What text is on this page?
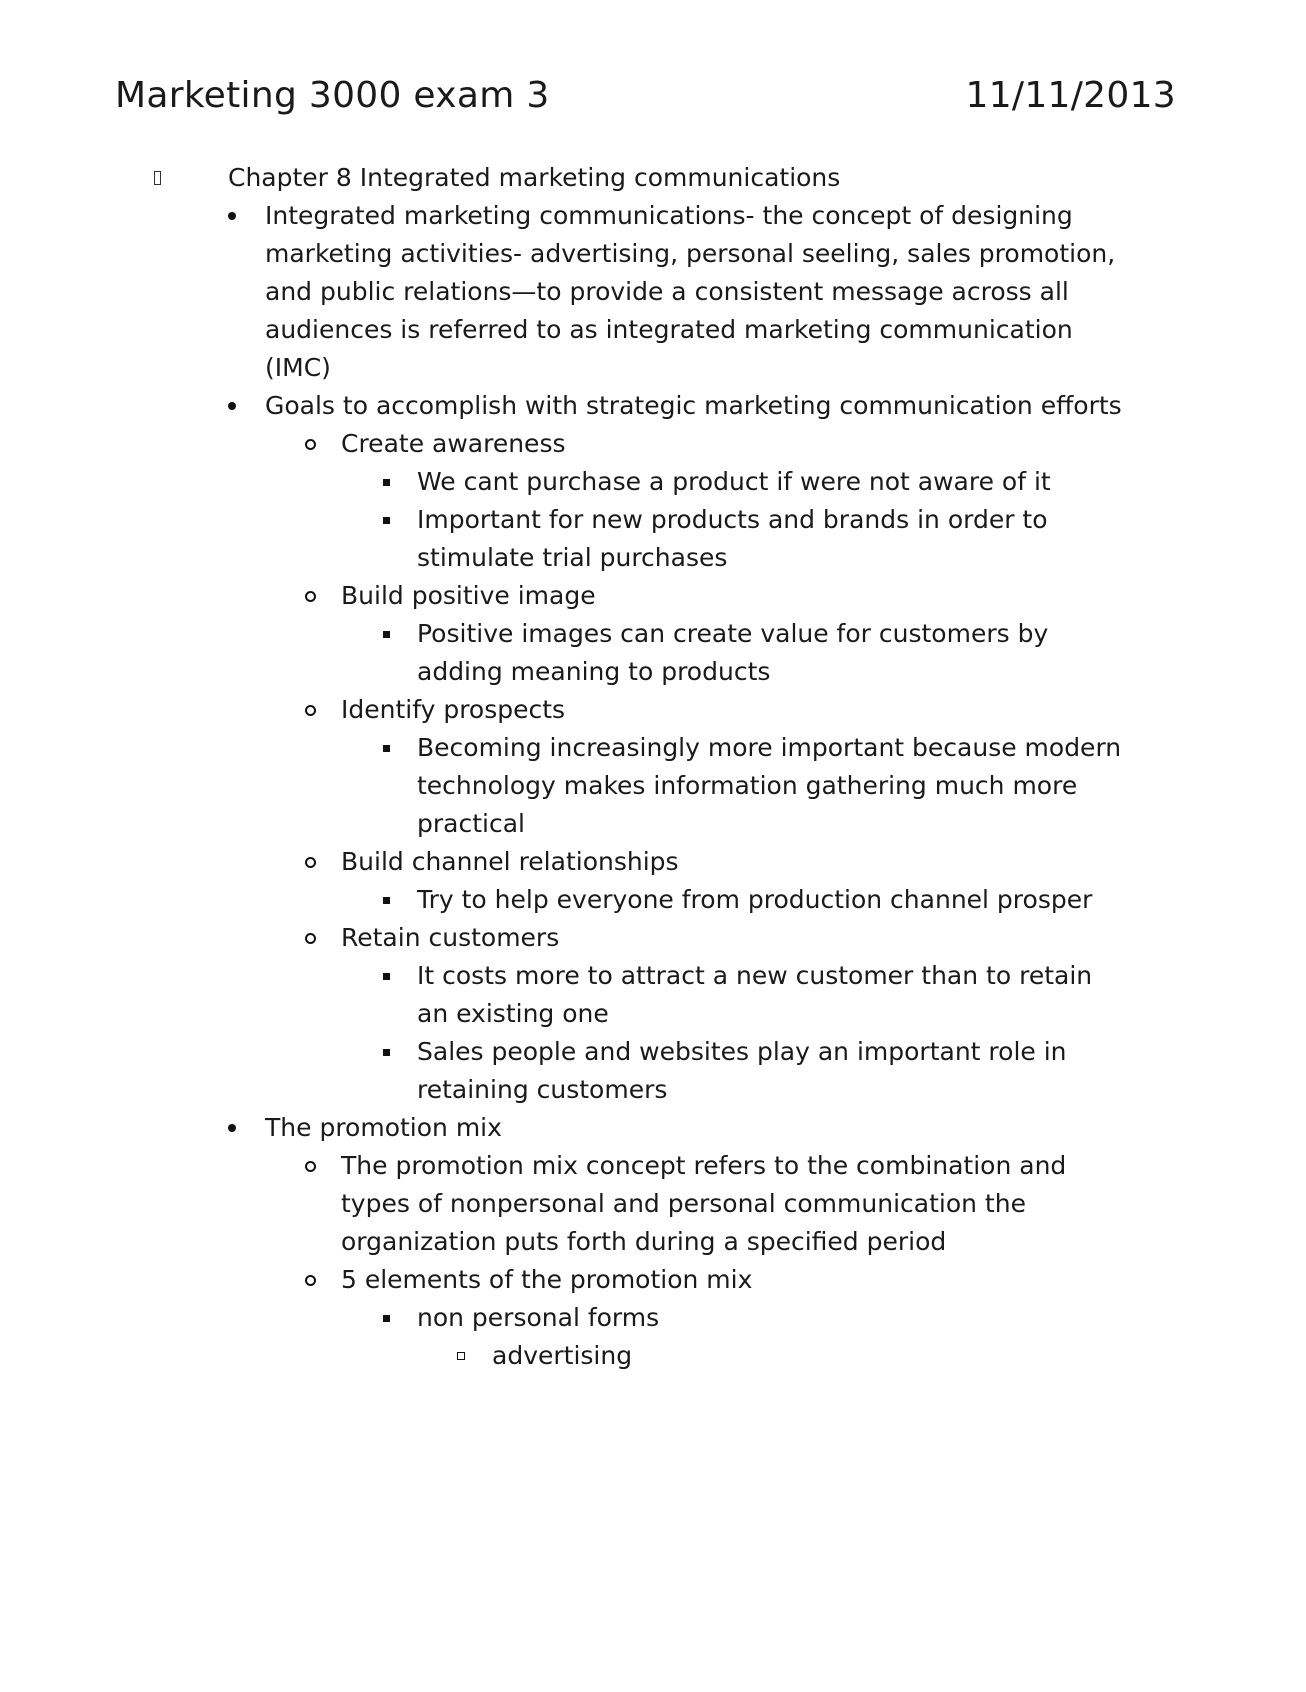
Marketing 3000 exam 3	11/11/2013
Chapter 8 Integrated marketing communications
Integrated marketing communications- the concept of designing
marketing activities- advertising, personal seeling, sales promotion,
and public relations—to provide a consistent message across all
audiences is referred to as integrated marketing communication
(IMC)
Goals to accomplish with strategic marketing communication efforts
Create awareness
We cant purchase a product if were not aware of it
Important for new products and brands in order to
stimulate trial purchases
Build positive image
Positive images can create value for customers by
adding meaning to products
Identify prospects
Becoming increasingly more important because modern
technology makes information gathering much more
practical
Build channel relationships
Try to help everyone from production channel prosper
Retain customers
It costs more to attract a new customer than to retain
an existing one
Sales people and websites play an important role in
retaining customers
The promotion mix
The promotion mix concept refers to the combination and
types of nonpersonal and personal communication the
organization puts forth during a specified period
5 elements of the promotion mix
non personal forms
advertising
